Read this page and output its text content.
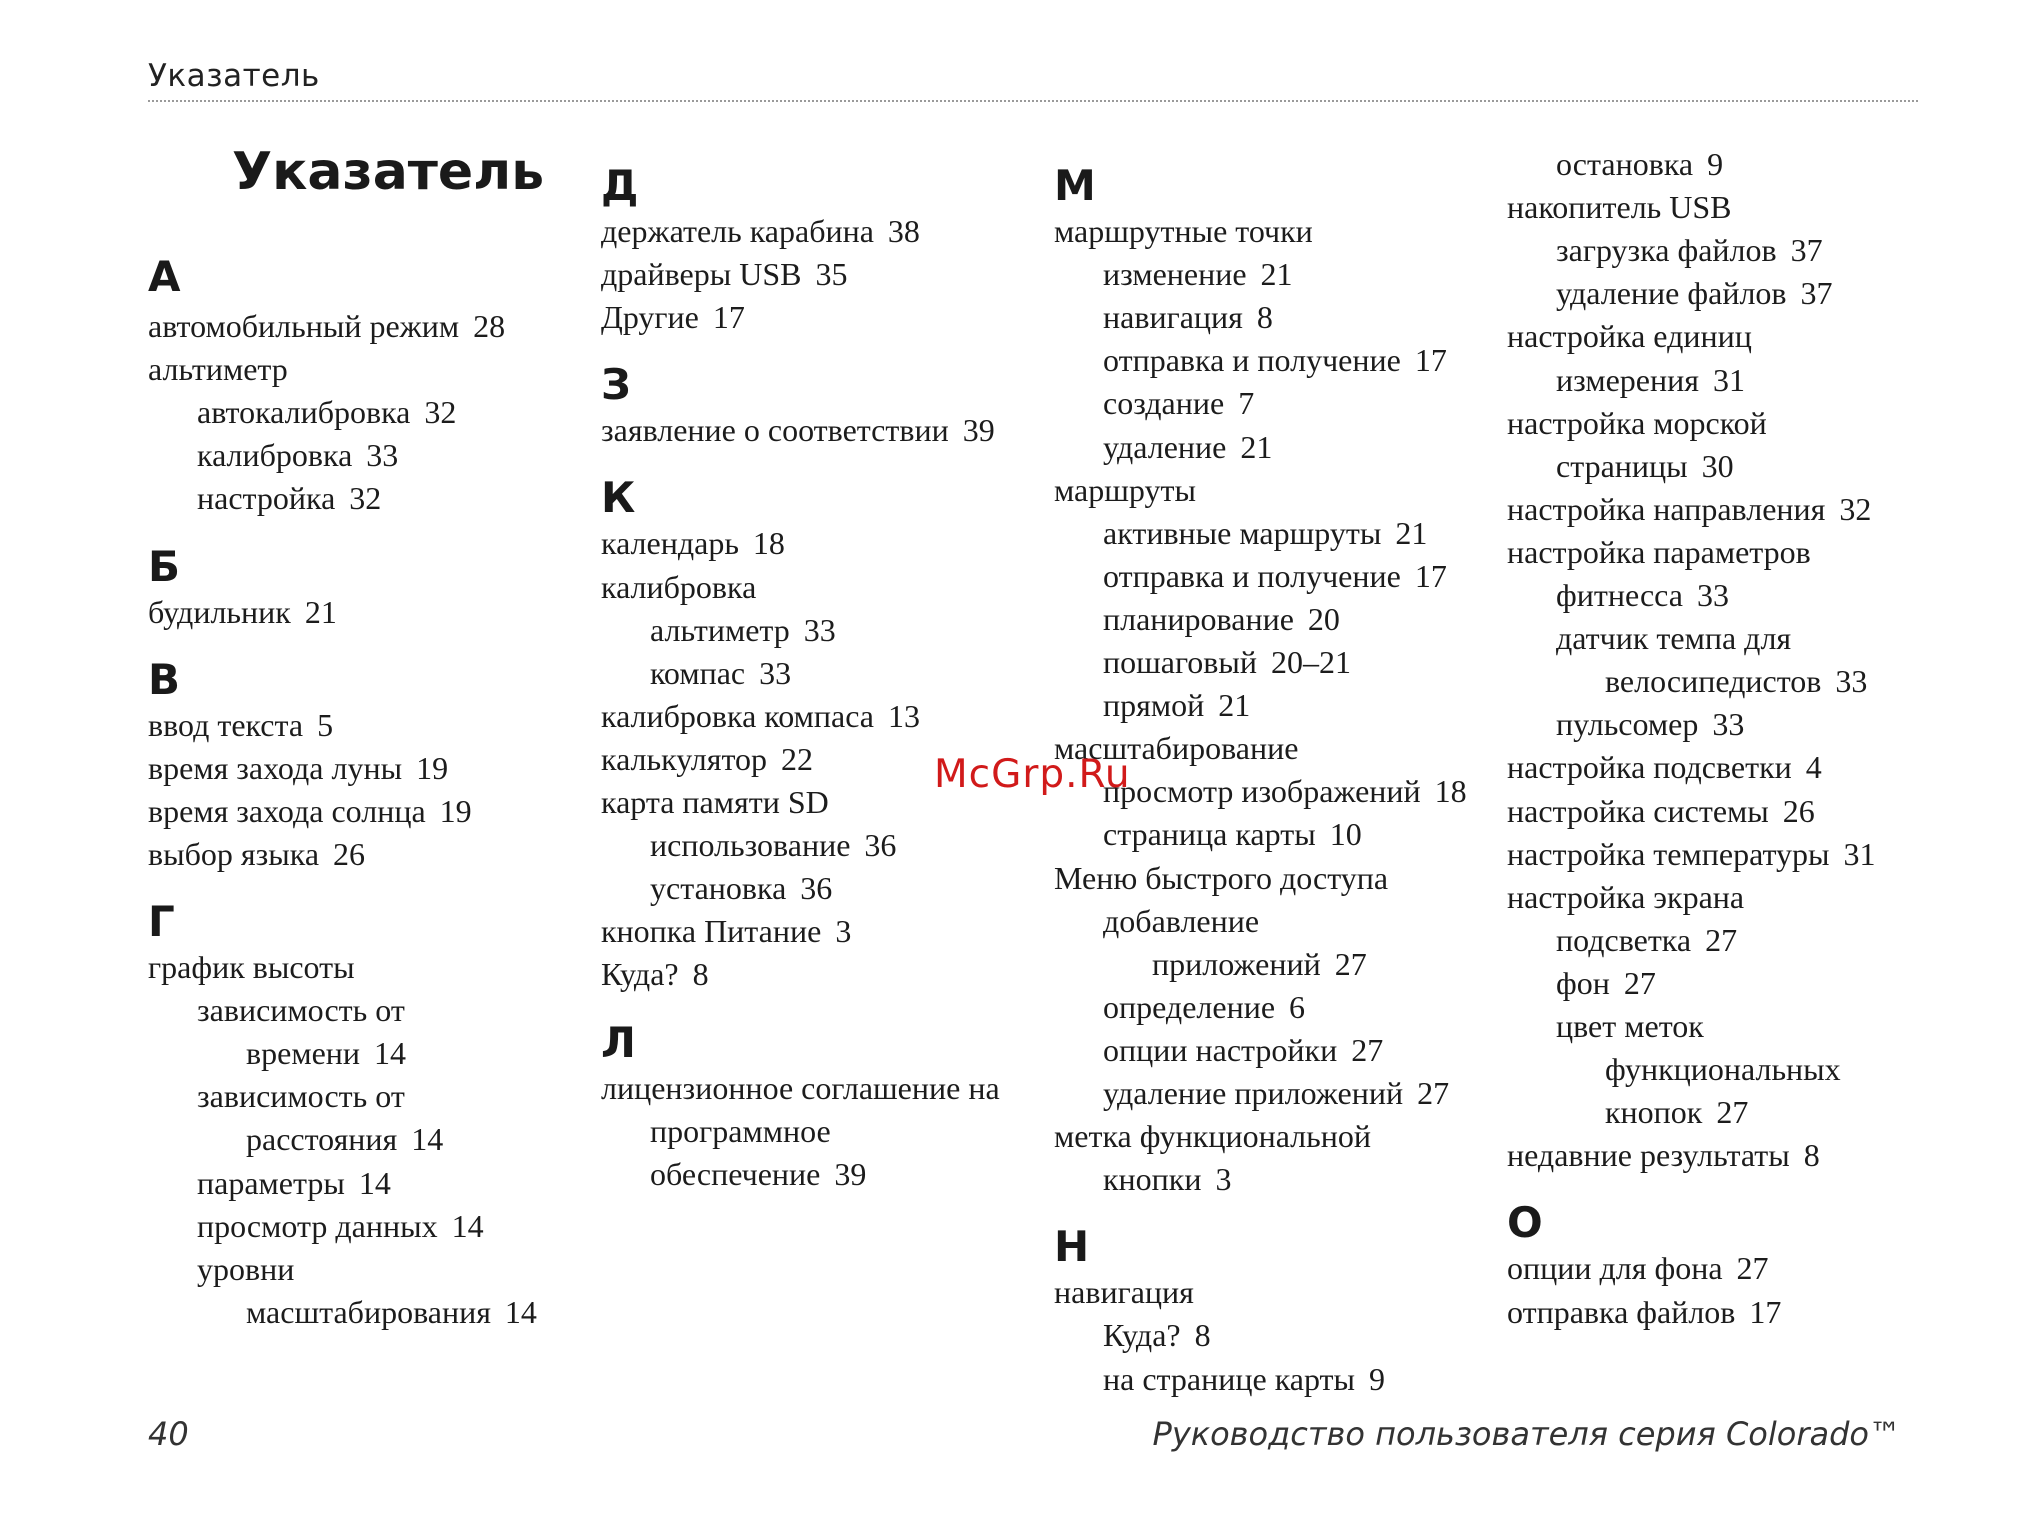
Указатель
Указатель
А
автомобильный режим 28
альтиметр
автокалибровка 32
калибровка 33
настройка 32
Б
будильник 21
В
ввод текста 5
время захода луны 19
время захода солнца 19
выбор языка 26
Г
график высоты
зависимость от
времени 14
зависимость от
расстояния 14
параметры 14
просмотр данных 14
уровни
масштабирования 14
Д
держатель карабина 38
драйверы USB 35
Другие 17
З
заявление о соответствии 39
К
календарь 18
калибровка
альтиметр 33
компас 33
калибровка компаса 13
калькулятор 22
карта памяти SD
использование 36
установка 36
кнопка Питание 3
Куда? 8
Л
лицензионное соглашение на
программное
обеспечение 39
М
маршрутные точки
изменение 21
навигация 8
отправка и получение 17
создание 7
удаление 21
маршруты
активные маршруты 21
отправка и получение 17
планирование 20
пошаговый 20–21
прямой 21
масштабирование
просмотр изображений 18
страница карты 10
Меню быстрого доступа
добавление
приложений 27
определение 6
опции настройки 27
удаление приложений 27
метка функциональной
кнопки 3
Н
навигация
Куда? 8
на странице карты 9
остановка 9
накопитель USB
загрузка файлов 37
удаление файлов 37
настройка единиц
измерения 31
настройка морской
страницы 30
настройка направления 32
настройка параметров
фитнесса 33
датчик темпа для
велосипедистов 33
пульсомер 33
настройка подсветки 4
настройка системы 26
настройка температуры 31
настройка экрана
подсветка 27
фон 27
цвет меток
функциональных
кнопок 27
недавние результаты 8
О
опции для фона 27
отправка файлов 17
McGrp.Ru
40	Руководство пользователя серия Colorado™
